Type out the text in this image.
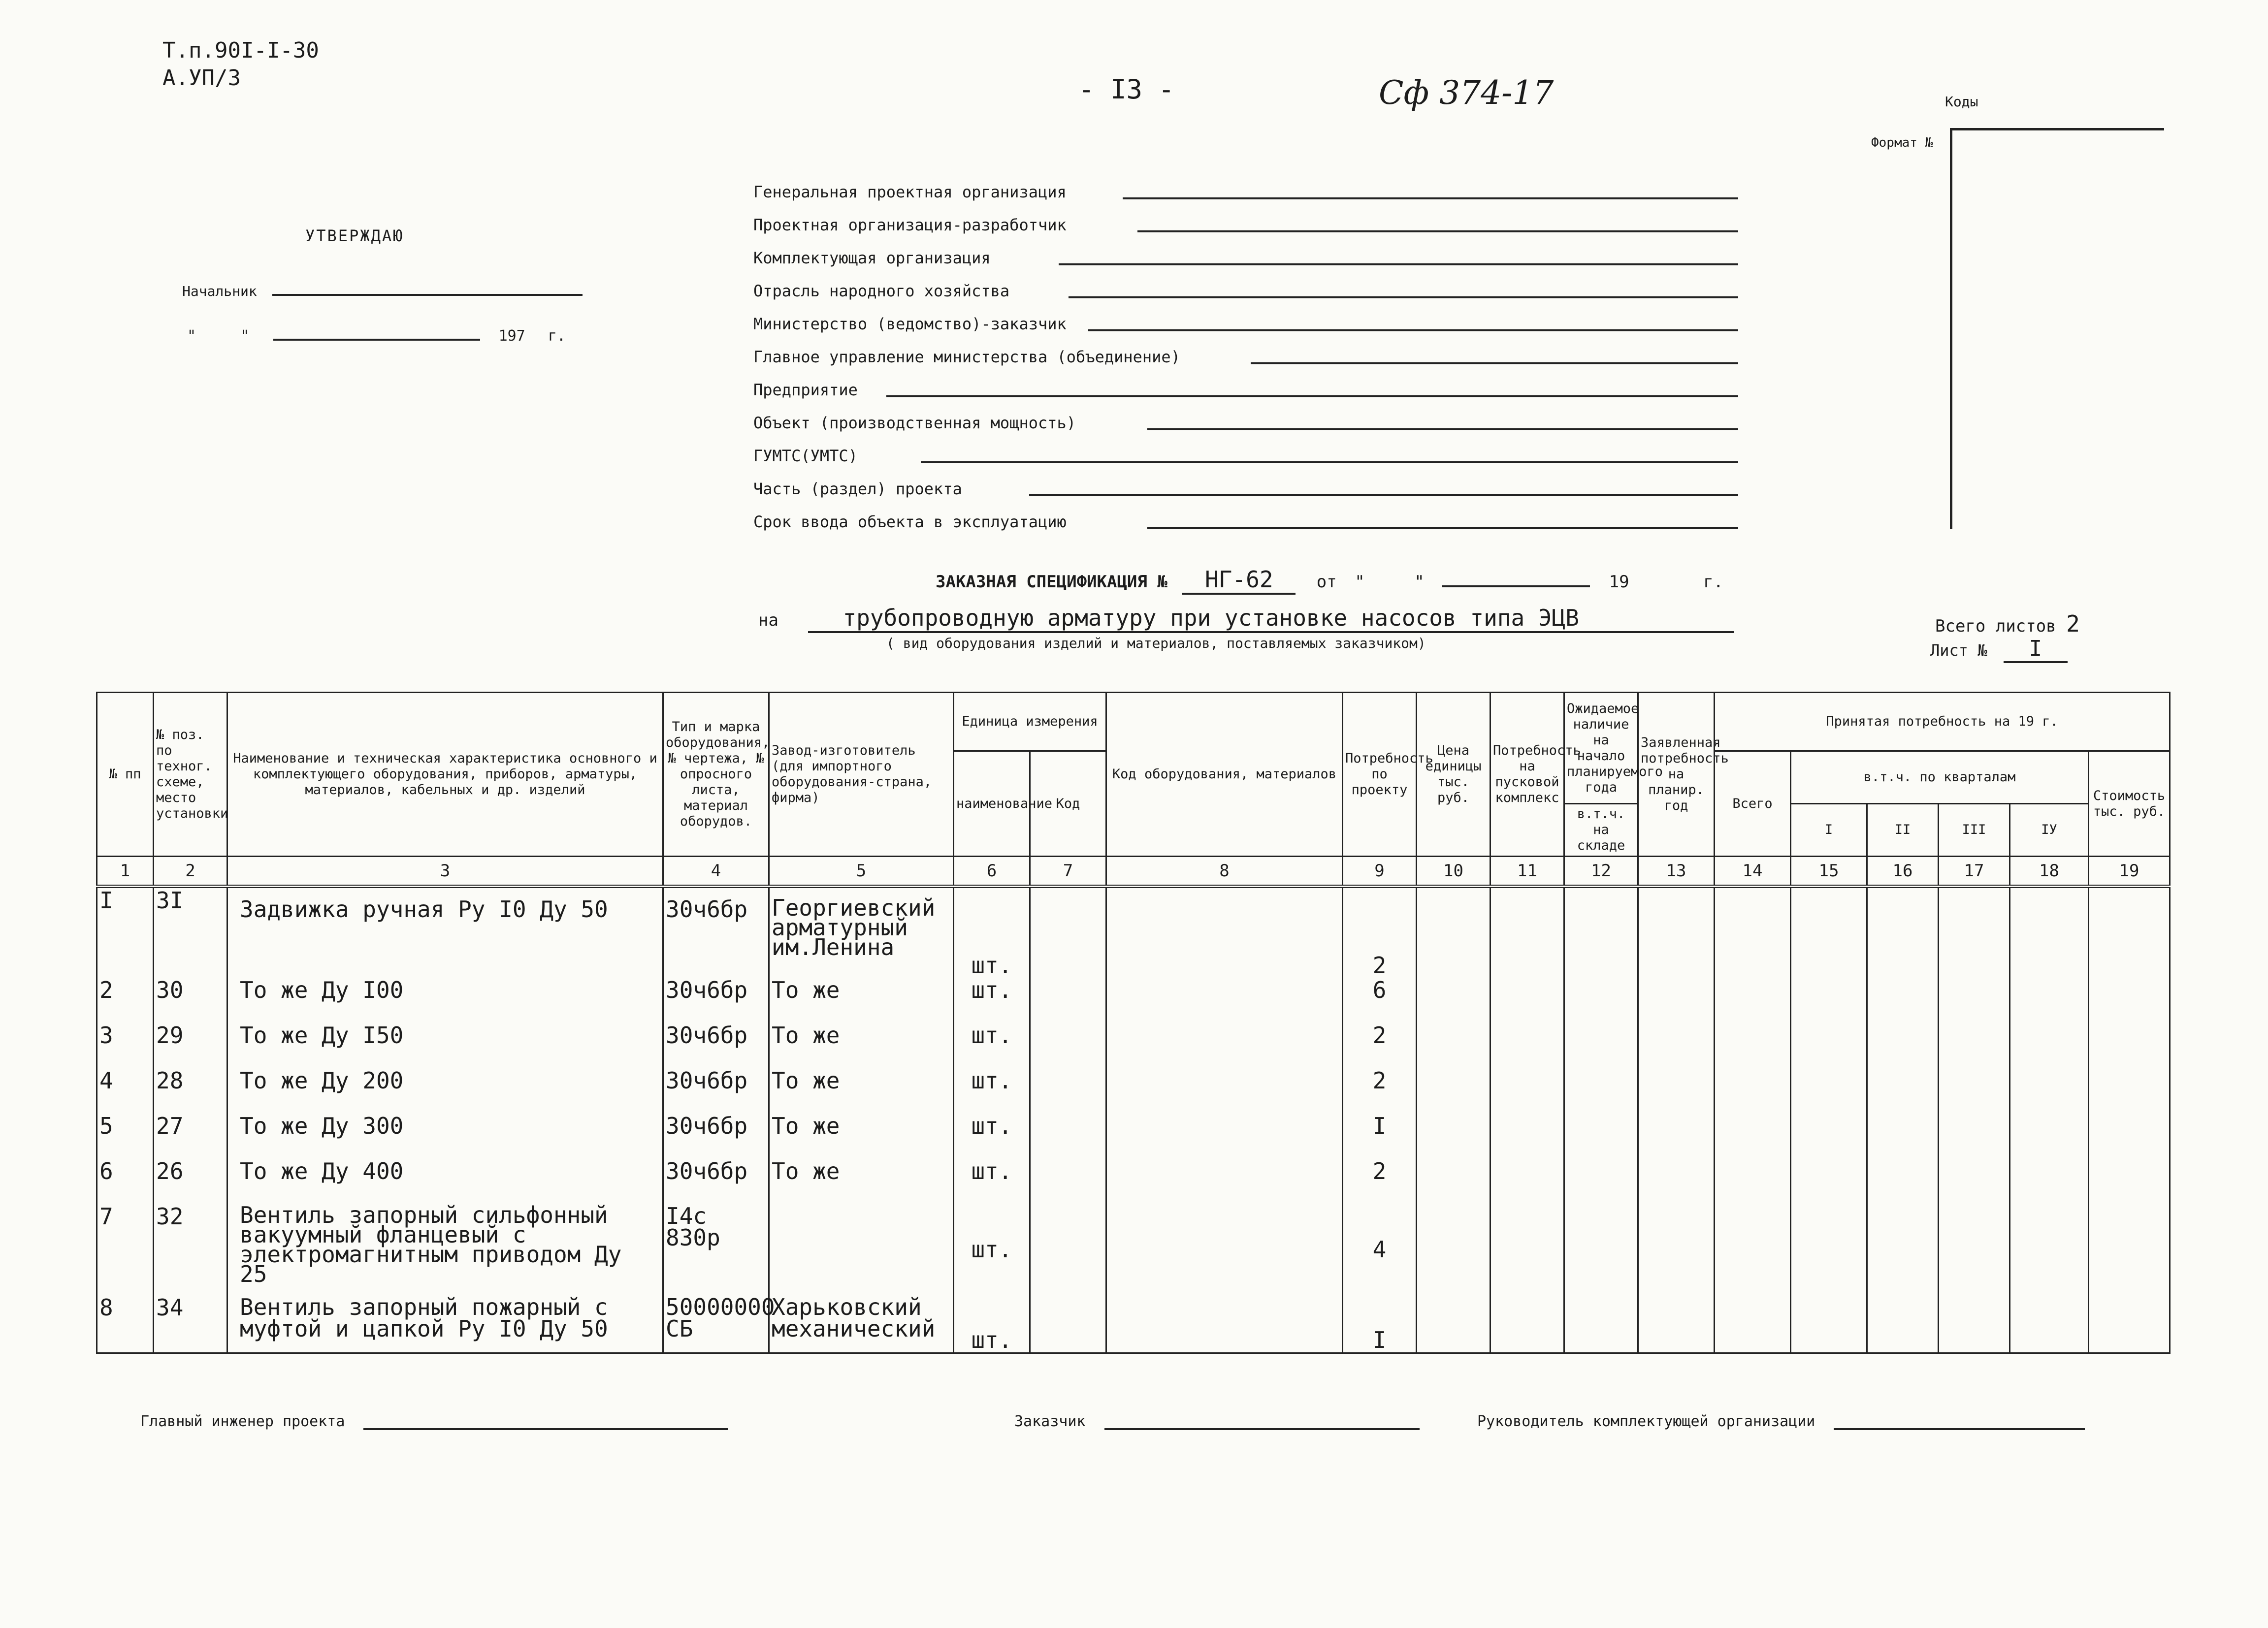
Т.п.90I-I-30
А.УП/З	- I3 -	Сф 374-17	Коды
Формат №
УТВЕРЖДАЮ
Начальник
"     "	197 г.
Генеральная проектная организация
Проектная организация-разработчик
Комплектующая организация
Отрасль народного хозяйства
Министерство (ведомство)-заказчик
Главное управление министерства (объединение)
Предприятие
Объект (производственная мощность)
ГУМТС(УМТС)
Часть (раздел) проекта
Срок ввода объекта в эксплуатацию
ЗАКАЗНАЯ СПЕЦИФИКАЦИЯ № НГ-62	от "	"	19	г.
на	трубопроводную арматуру при установке насосов типа ЭЦВ
( вид оборудования изделий и материалов, поставляемых заказчиком)
Всего листов 2
Лист № I
№ пп	№ поз. по техног. схеме, место установки	Наименование и техническая характеристика основного и комплектующего оборудования, приборов, арматуры, материалов, кабельных и др. изделий	Тип и марка оборудования, № чертежа, № опросного листа, материал оборудов.	Завод-изготовитель (для импортного оборудования-страна, фирма)	Единица измерения		Код оборудования, материалов	Потребность по проекту	Цена единицы тыс. руб.	Потребность на пусковой комплекс	Ожидаемое наличие на начало планируемого года	Заявленная потребность на планир. год	Принятая потребность на 19 г.					
					наименование	Код							Всего	в.т.ч. по кварталам				Стоимость тыс. руб.
											в.т.ч. на складе			I	II	III	IУ	
1	2	3	4	5	6	7	8	9	10	11	12	13	14	15	16	17	18	19
I	3I	Задвижка ручная Ру I0 Ду 50	30ч6бр	Георгиевский арматурный им.Ленина	шт.			2										
2	30	То же Ду I00	30ч6бр	То же	шт.			6										
3	29	То же Ду I50	30ч6бр	То же	шт.			2										
4	28	То же Ду 200	30ч6бр	То же	шт.			2										
5	27	То же Ду 300	30ч6бр	То же	шт.			I										
6	26	То же Ду 400	30ч6бр	То же	шт.			2										
7	32	Вентиль запорный сильфонный вакуумный фланцевый с электромагнитным приводом Ду 25	I4с 830р		шт.			4										
8	34	Вентиль запорный пожарный с муфтой и цапкой Ру I0 Ду 50	50000000 СБ	Харьковский механический	шт.			I										
Главный инженер проекта	Заказчик	Руководитель комплектующей организации
